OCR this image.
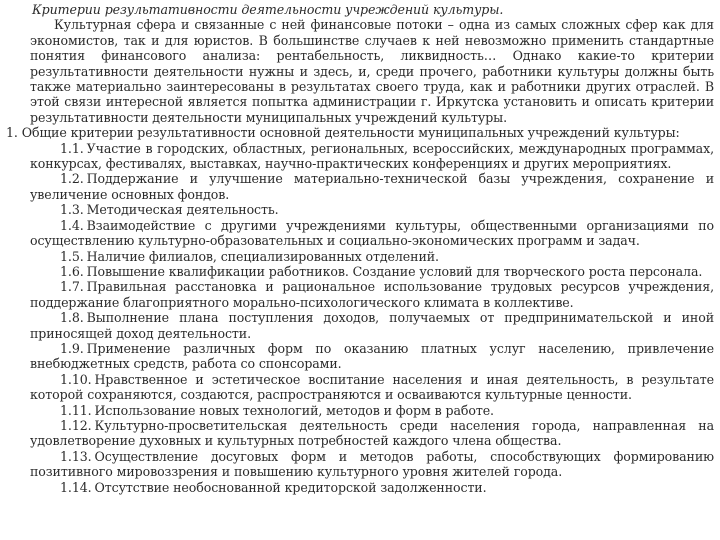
Критерии результативности деятельности учреждений культуры.

Культурная сфера и связанные с ней финансовые потоки – одна из самых сложных сфер как для экономистов, так и для юристов. В большинстве случаев к ней невозможно применить стандартные понятия финансового анализа: рентабельность, ликвидность… Однако какие-то критерии результативности деятельности нужны и здесь, и, среди прочего, работники культуры должны быть также материально заинтересованы в результатах своего труда, как и работники других отраслей. В этой связи интересной является попытка администрации г. Иркутска установить и описать критерии результативности деятельности муниципальных учреждений культуры.

1. Общие критерии результативности основной деятельности муниципальных учреждений культуры:
1.1. Участие в городских, областных, региональных, всероссийских, международных программах, конкурсах, фестивалях, выставках, научно-практических конференциях и других мероприятиях.
1.2. Поддержание и улучшение материально-технической базы учреждения, сохранение и увеличение основных фондов.
1.3. Методическая деятельность.
1.4. Взаимодействие с другими учреждениями культуры, общественными организациями по осуществлению культурно-образовательных и социально-экономических программ и задач.
1.5. Наличие филиалов, специализированных отделений.
1.6. Повышение квалификации работников. Создание условий для творческого роста персонала.
1.7. Правильная расстановка и рациональное использование трудовых ресурсов учреждения, поддержание благоприятного морально-психологического климата в коллективе.
1.8. Выполнение плана поступления доходов, получаемых от предпринимательской и иной приносящей доход деятельности.
1.9. Применение различных форм по оказанию платных услуг населению, привлечение внебюджетных средств, работа со спонсорами.
1.10. Нравственное и эстетическое воспитание населения и иная деятельность, в результате которой сохраняются, создаются, распространяются и осваиваются культурные ценности.
1.11. Использование новых технологий, методов и форм в работе.
1.12. Культурно-просветительская деятельность среди населения города, направленная на удовлетворение духовных и культурных потребностей каждого члена общества.
1.13. Осуществление досуговых форм и методов работы, способствующих формированию позитивного мировоззрения и повышению культурного уровня жителей города.
1.14. Отсутствие необоснованной кредиторской задолженности.
